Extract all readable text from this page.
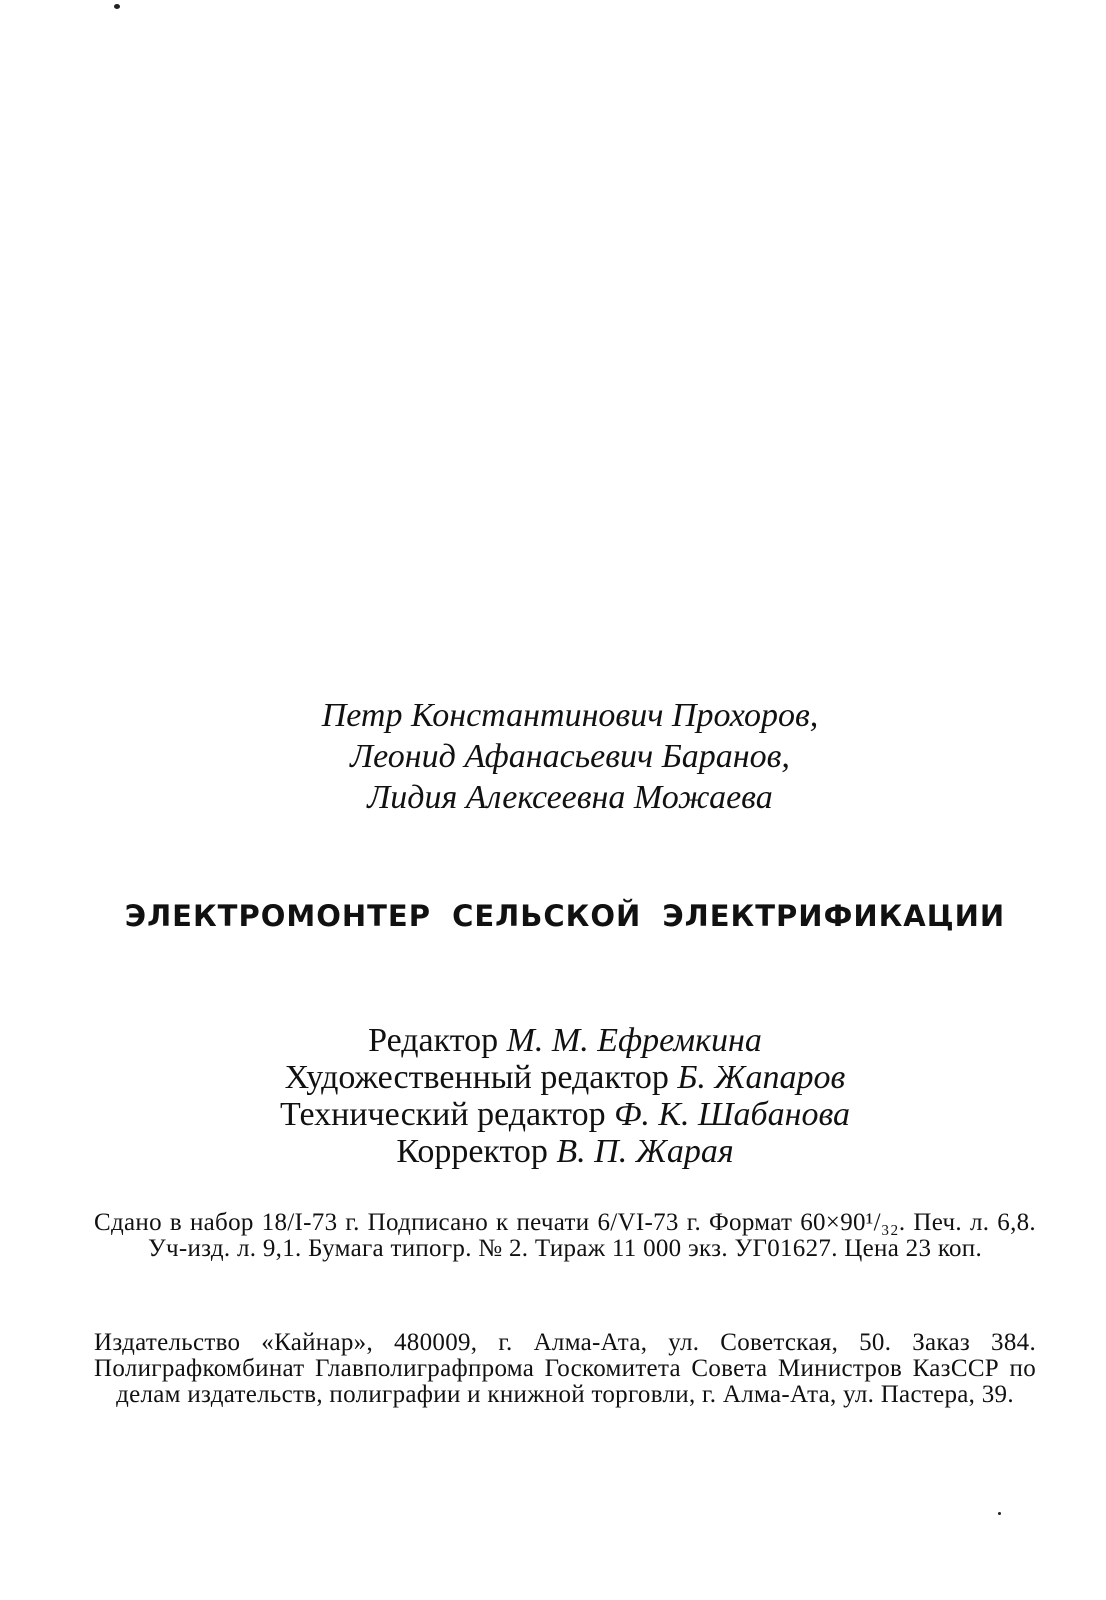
Петр Константинович Прохоров,
Леонид Афанасьевич Баранов,
Лидия Алексеевна Можаева
ЭЛЕКТРОМОНТЕР СЕЛЬСКОЙ ЭЛЕКТРИФИКАЦИИ
Редактор М. М. Ефремкина
Художественный редактор Б. Жапаров
Технический редактор Ф. К. Шабанова
Корректор В. П. Жарая
Сдано в набор 18/I-73 г. Подписано к печати 6/VI-73 г. Формат 60×90¹/₃₂. Печ. л. 6,8. Уч-изд. л. 9,1. Бумага типогр. № 2. Тираж 11 000 экз. УГ01627. Цена 23 коп.
Издательство «Кайнар», 480009, г. Алма-Ата, ул. Советская, 50. Заказ 384. Полиграфкомбинат Главполиграфпрома Госкомитета Совета Министров КазССР по делам издательств, полиграфии и книжной торговли, г. Алма-Ата, ул. Пастера, 39.
